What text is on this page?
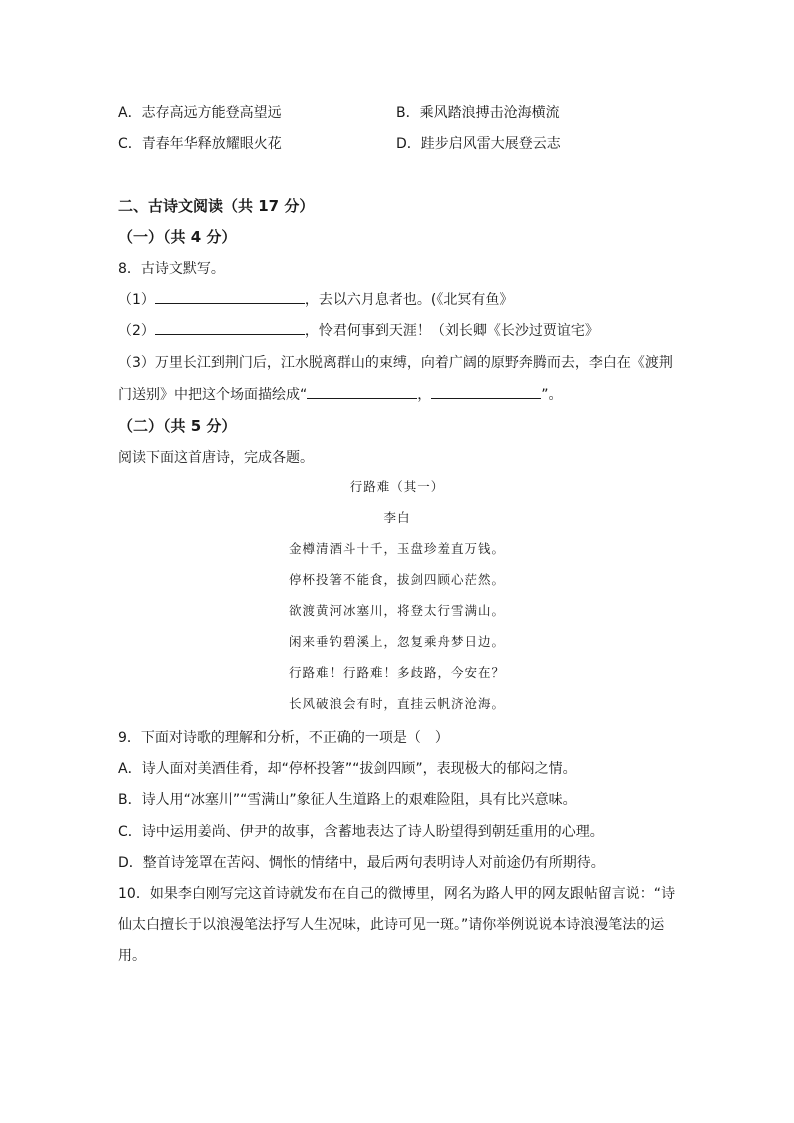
A．志存高远方能登高望远	B．乘风踏浪搏击沧海横流
C．青春年华释放耀眼火花	D．跬步启风雷大展登云志
二、古诗文阅读（共 17 分）
（一）（共 4 分）
8．古诗文默写。
（1）	，去以六月息者也。(《北冥有鱼》
（2）	，怜君何事到天涯！（刘长卿《长沙过贾谊宅》
（3）万里长江到荆门后，江水脱离群山的束缚，向着广阔的原野奔腾而去，李白在《渡荆
门送别》中把这个场面描绘成“	，	”。
（二）（共 5 分）
阅读下面这首唐诗，完成各题。
行路难（其一）
李白
金樽清酒斗十千，玉盘珍羞直万钱。
停杯投箸不能食，拔剑四顾心茫然。
欲渡黄河冰塞川，将登太行雪满山。
闲来垂钓碧溪上，忽复乘舟梦日边。
行路难！行路难！多歧路，今安在？
长风破浪会有时，直挂云帆济沧海。
9．下面对诗歌的理解和分析，不正确的一项是（　）
A．诗人面对美酒佳肴，却“停杯投箸”“拔剑四顾”，表现极大的郁闷之情。
B．诗人用“冰塞川”“雪满山”象征人生道路上的艰难险阻，具有比兴意味。
C．诗中运用姜尚、伊尹的故事，含蓄地表达了诗人盼望得到朝廷重用的心理。
D．整首诗笼罩在苦闷、惆怅的情绪中，最后两句表明诗人对前途仍有所期待。
10．如果李白刚写完这首诗就发布在自己的微博里，网名为路人甲的网友跟帖留言说：“诗
仙太白擅长于以浪漫笔法抒写人生况味，此诗可见一斑。”请你举例说说本诗浪漫笔法的运
用。
